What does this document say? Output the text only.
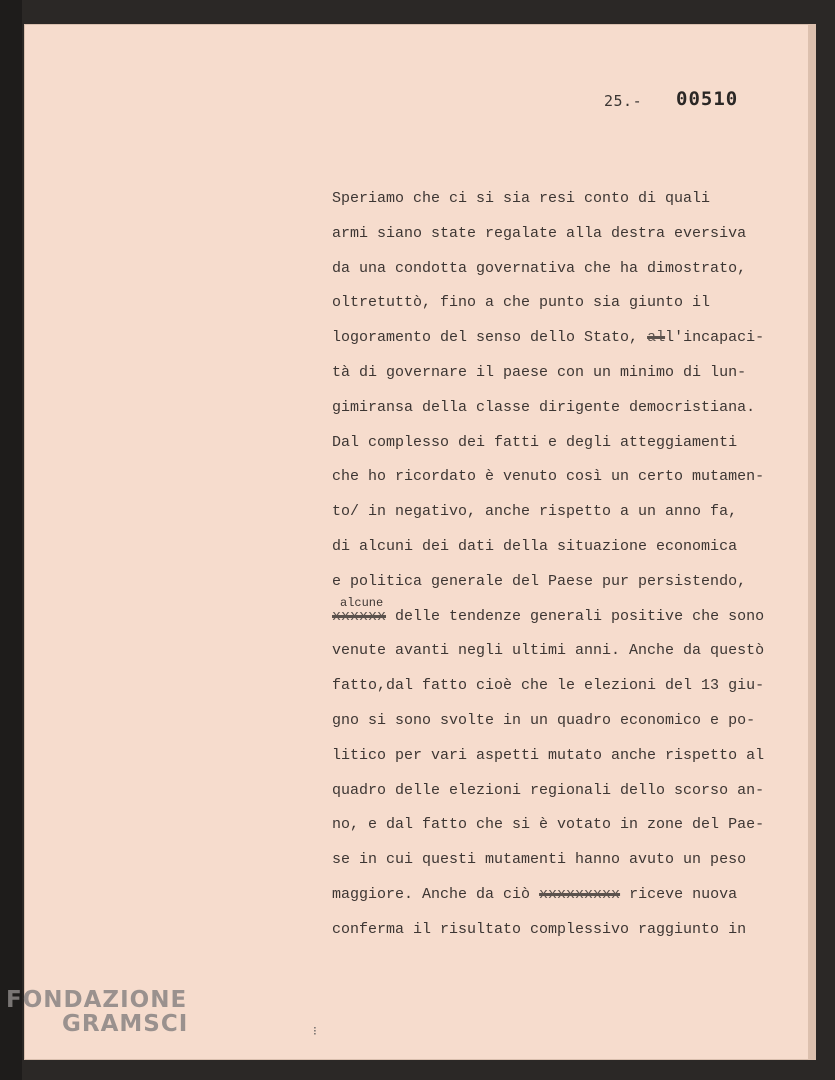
25.- 00510
Speriamo che ci si sia resi conto di quali
armi siano state regalate alla destra eversiva
da una condotta governativa che ha dimostrato,
oltretuttò, fino a che punto sia giunto il
logoramento del senso dello Stato, all'incapaci-
tà di governare il paese con un minimo di lun-
gimiransa della classe dirigente democristiana.
Dal complesso dei fatti e degli atteggiamenti
che ho ricordato è venuto così un certo mutamen-
to/ in negativo, anche rispetto a un anno fa,
di alcuni dei dati della situazione economica
e politica generale del Paese pur persistendo,
alcune
xxxxxx delle tendenze generali positive che sono
venute avanti negli ultimi anni. Anche da questò
fatto,dal fatto cioè che le elezioni del 13 giu-
gno si sono svolte in un quadro economico e po-
litico per vari aspetti mutato anche rispetto al
quadro delle elezioni regionali dello scorso an-
no, e dal fatto che si è votato in zone del Pae-
se in cui questi mutamenti hanno avuto un peso
maggiore. Anche da ciò xxxxxxxxx riceve nuova
conferma il risultato complessivo raggiunto in
FONDAZIONE
GRAMSCI	⁝
